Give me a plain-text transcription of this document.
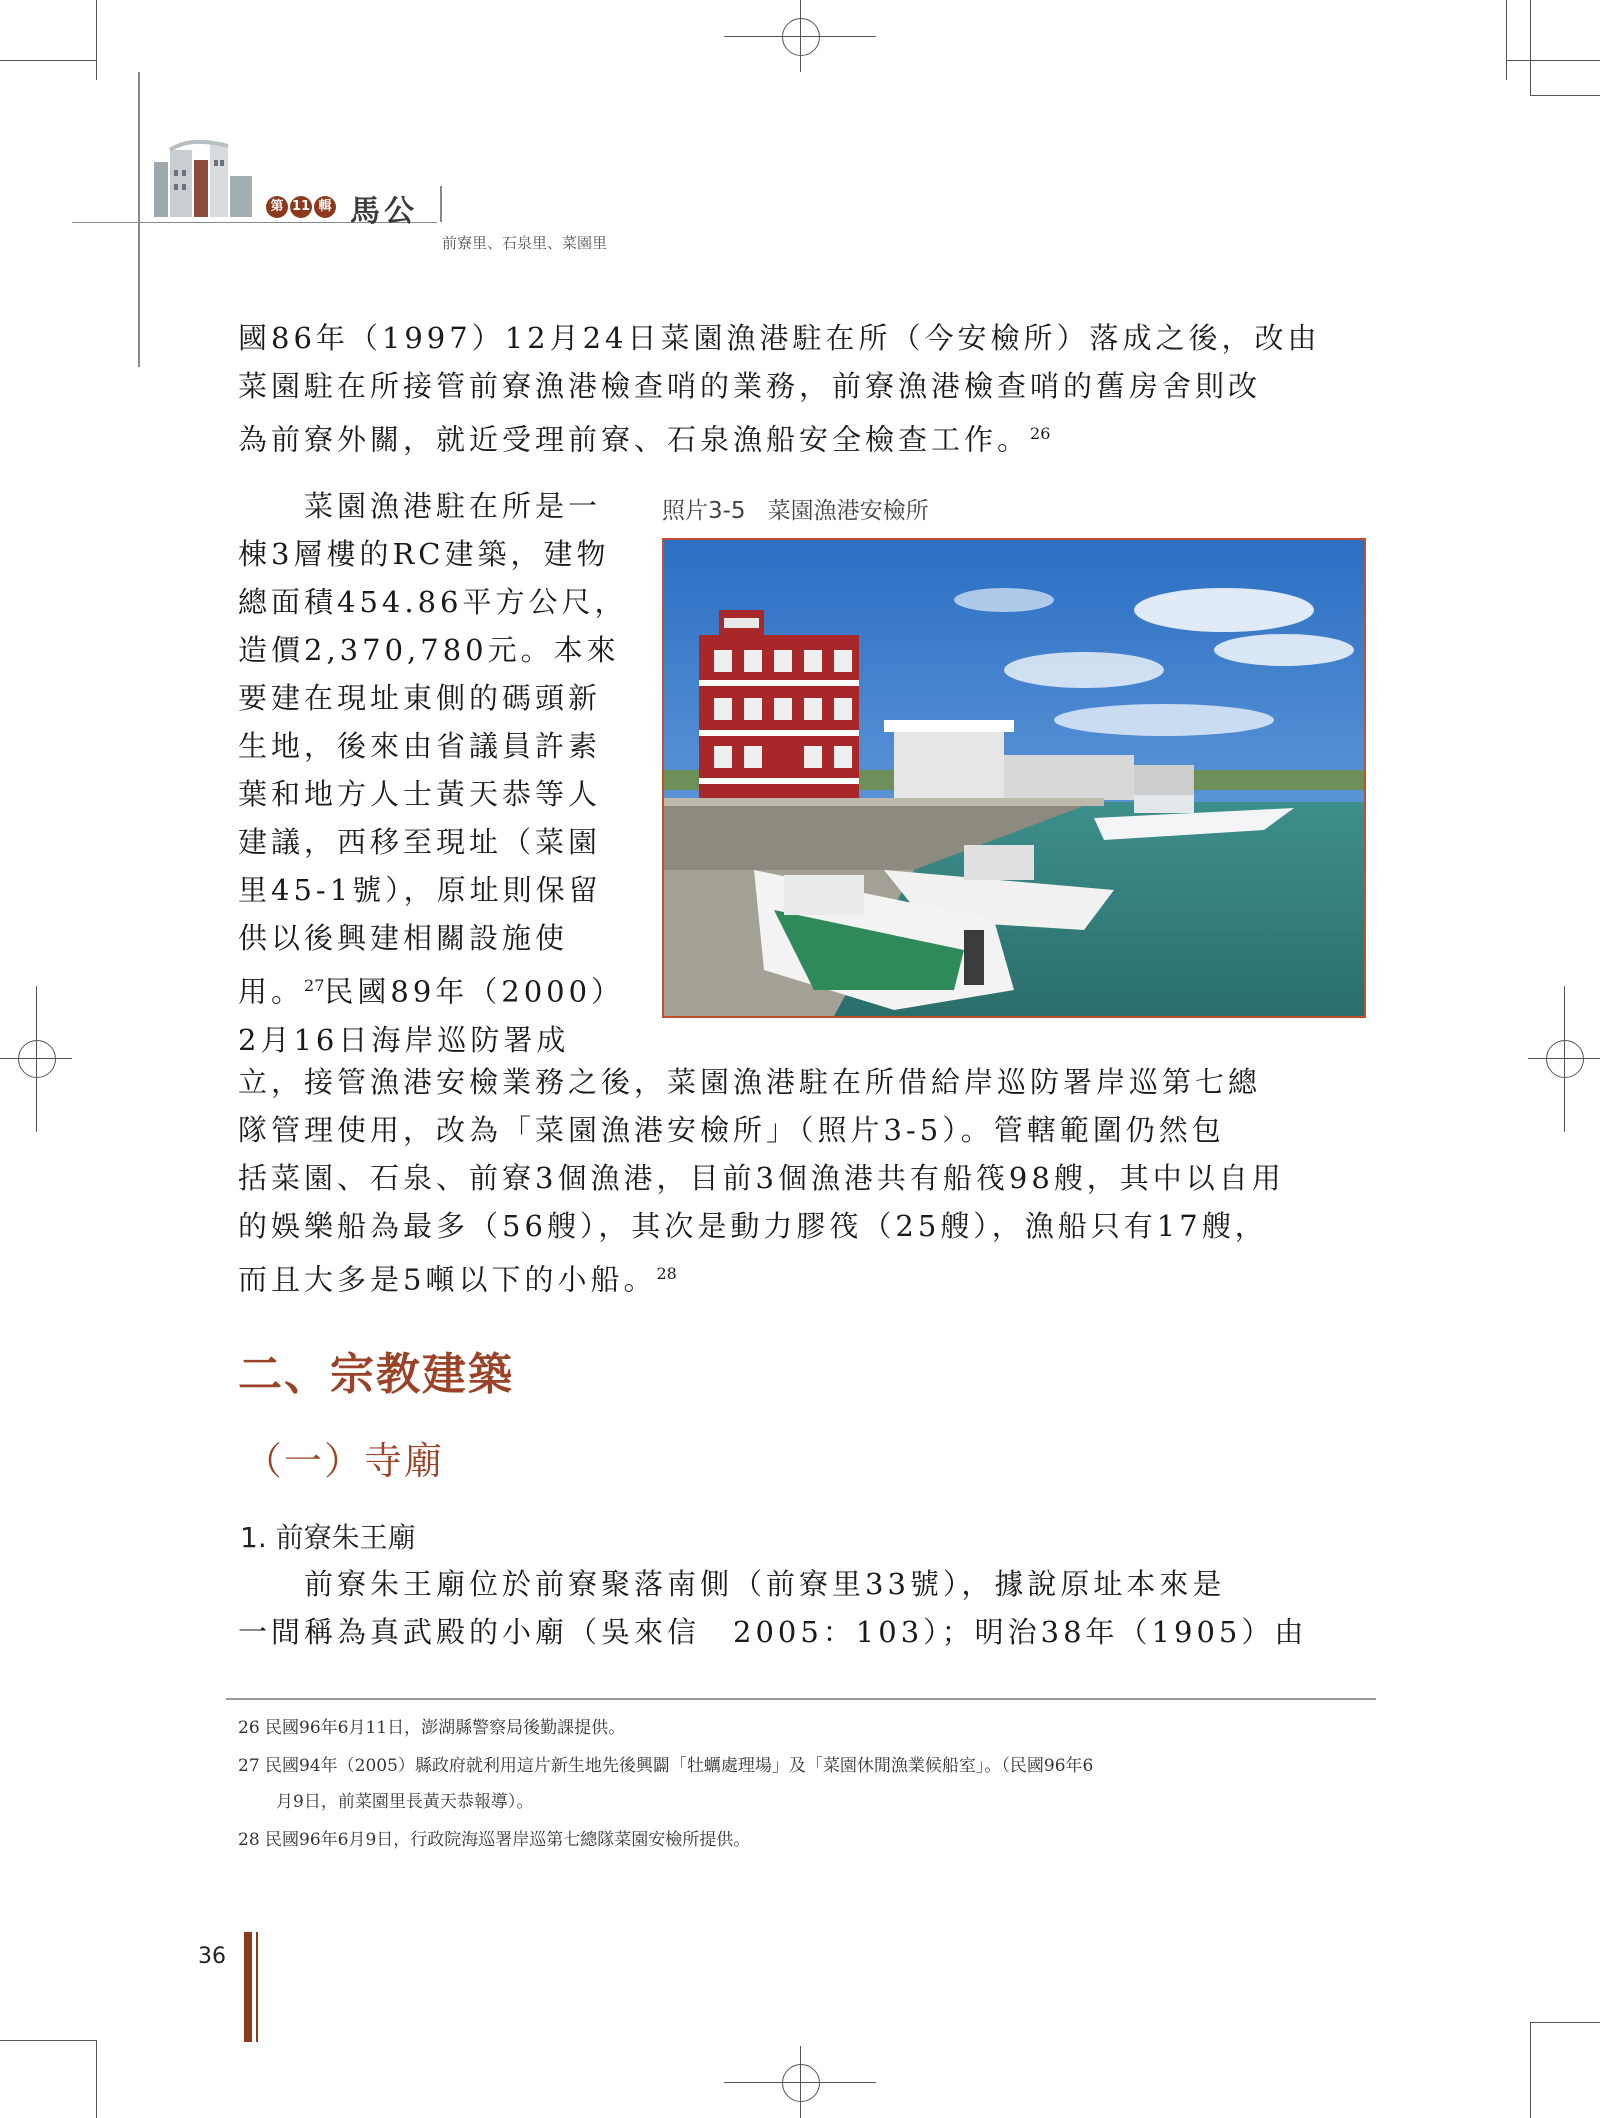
第 11 輯 馬公
前寮里、石泉里、菜園里
國86年（1997）12月24日菜園漁港駐在所（今安檢所）落成之後，改由
菜園駐在所接管前寮漁港檢查哨的業務，前寮漁港檢查哨的舊房舍則改
為前寮外關，就近受理前寮、石泉漁船安全檢查工作。$^{26}$
　　菜園漁港駐在所是一
棟3層樓的RC建築，建物
總面積454.86平方公尺，
造價2,370,780元。本來
要建在現址東側的碼頭新
生地，後來由省議員許素
葉和地方人士黃天恭等人
建議，西移至現址（菜園
里45-1號），原址則保留
供以後興建相關設施使
用。$^{27}$民國89年（2000）
2月16日海岸巡防署成
照片3-5 菜園漁港安檢所
立，接管漁港安檢業務之後，菜園漁港駐在所借給岸巡防署岸巡第七總
隊管理使用，改為「菜園漁港安檢所」（照片3-5）。管轄範圍仍然包
括菜園、石泉、前寮3個漁港，目前3個漁港共有船筏98艘，其中以自用
的娛樂船為最多（56艘），其次是動力膠筏（25艘），漁船只有17艘，
而且大多是5噸以下的小船。$^{28}$
二、宗教建築
（一）寺廟
1. 前寮朱王廟
　　前寮朱王廟位於前寮聚落南側（前寮里33號），據說原址本來是
一間稱為真武殿的小廟（吳來信　2005：103）；明治38年（1905）由
26 民國96年6月11日，澎湖縣警察局後勤課提供。
27 民國94年（2005）縣政府就利用這片新生地先後興闢「牡蠣處理場」及「菜園休閒漁業候船室」。（民國96年6
月9日，前菜園里長黃天恭報導）。
28 民國96年6月9日，行政院海巡署岸巡第七總隊菜園安檢所提供。
36
